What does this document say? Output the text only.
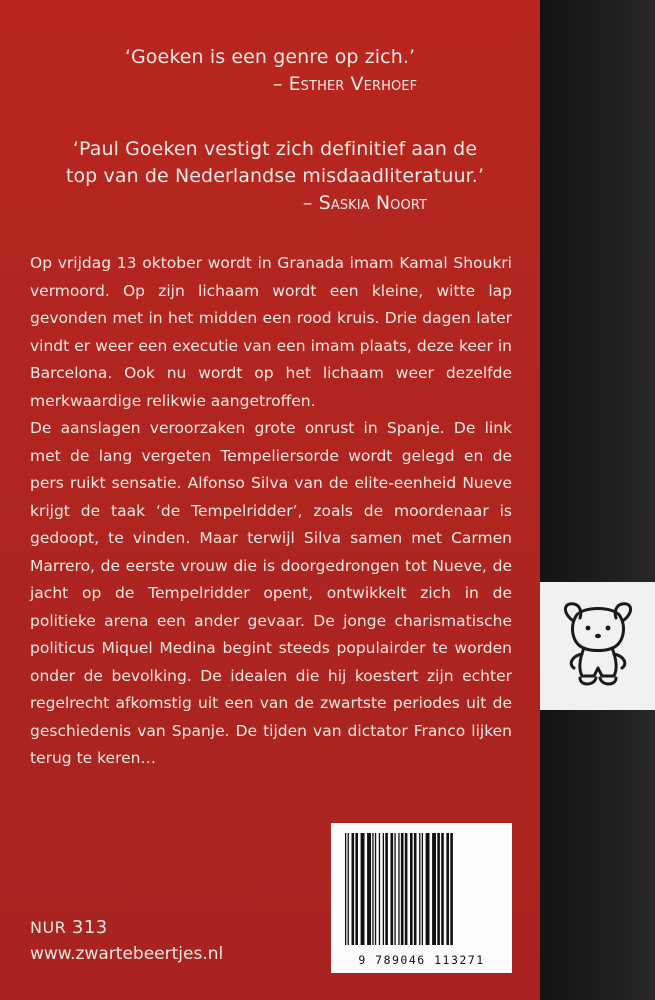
‘Goeken is een genre op zich.’
– Esther Verhoef
‘Paul Goeken vestigt zich definitief aan de
top van de Nederlandse misdaadliteratuur.’
– Saskia Noort

Op vrijdag 13 oktober wordt in Granada imam Kamal Shoukri vermoord. Op zijn lichaam wordt een kleine, witte lap gevonden met in het midden een rood kruis. Drie dagen later vindt er weer een executie van een imam plaats, deze keer in Barcelona. Ook nu wordt op het lichaam weer dezelfde merkwaardige relikwie aangetroffen.

De aanslagen veroorzaken grote onrust in Spanje. De link met de lang vergeten Tempeliersorde wordt gelegd en de pers ruikt sensatie. Alfonso Silva van de elite-eenheid Nueve krijgt de taak ‘de Tempelridder’, zoals de moordenaar is gedoopt, te vinden. Maar terwijl Silva samen met Carmen Marrero, de eerste vrouw die is doorgedrongen tot Nueve, de jacht op de Tempelridder opent, ontwikkelt zich in de politieke arena een ander gevaar. De jonge charismatische politicus Miquel Medina begint steeds populairder te worden onder de bevolking. De idealen die hij koestert zijn echter regelrecht afkomstig uit een van de zwartste periodes uit de geschiedenis van Spanje. De tijden van dictator Franco lijken terug te keren…

NUR 313
www.zwartebeertjes.nl	9 789046 113271
